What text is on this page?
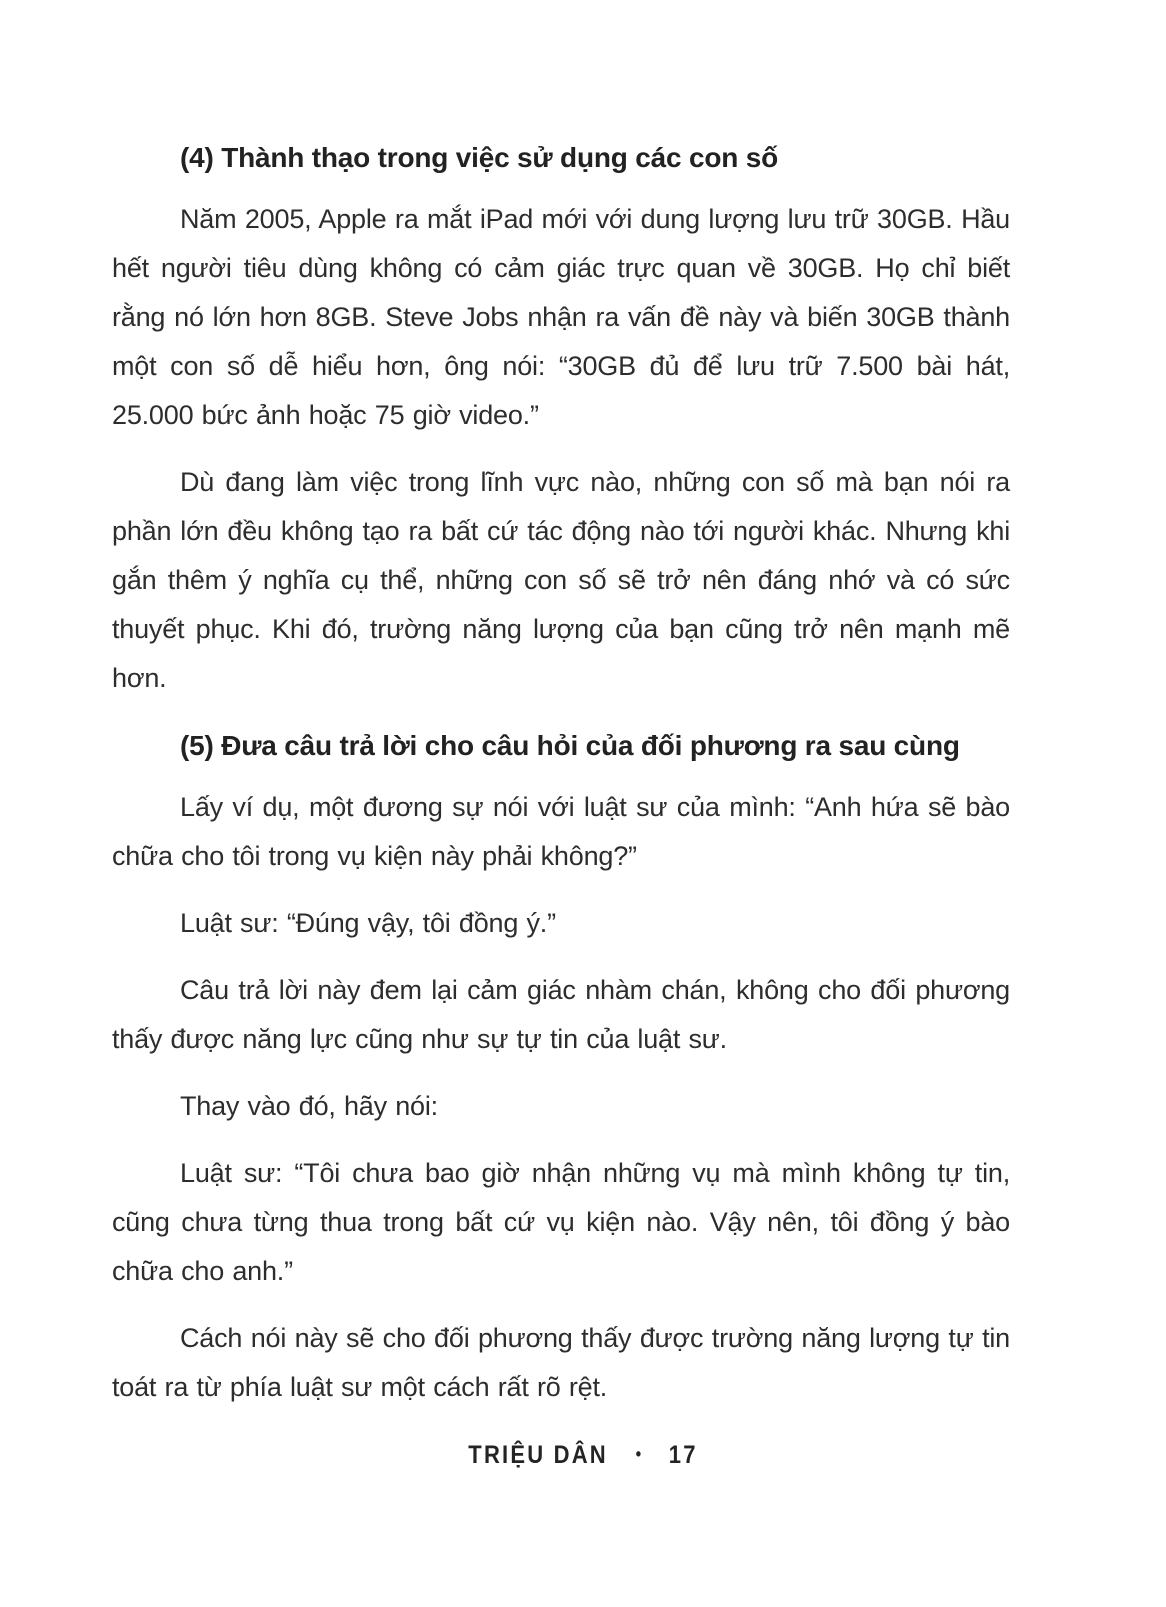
(4) Thành thạo trong việc sử dụng các con số

Năm 2005, Apple ra mắt iPad mới với dung lượng lưu trữ 30GB. Hầu hết người tiêu dùng không có cảm giác trực quan về 30GB. Họ chỉ biết rằng nó lớn hơn 8GB. Steve Jobs nhận ra vấn đề này và biến 30GB thành một con số dễ hiểu hơn, ông nói: “30GB đủ để lưu trữ 7.500 bài hát, 25.000 bức ảnh hoặc 75 giờ video.”

Dù đang làm việc trong lĩnh vực nào, những con số mà bạn nói ra phần lớn đều không tạo ra bất cứ tác động nào tới người khác. Nhưng khi gắn thêm ý nghĩa cụ thể, những con số sẽ trở nên đáng nhớ và có sức thuyết phục. Khi đó, trường năng lượng của bạn cũng trở nên mạnh mẽ hơn.

(5) Đưa câu trả lời cho câu hỏi của đối phương ra sau cùng

Lấy ví dụ, một đương sự nói với luật sư của mình: “Anh hứa sẽ bào chữa cho tôi trong vụ kiện này phải không?”

Luật sư: “Đúng vậy, tôi đồng ý.”

Câu trả lời này đem lại cảm giác nhàm chán, không cho đối phương thấy được năng lực cũng như sự tự tin của luật sư.

Thay vào đó, hãy nói:

Luật sư: “Tôi chưa bao giờ nhận những vụ mà mình không tự tin, cũng chưa từng thua trong bất cứ vụ kiện nào. Vậy nên, tôi đồng ý bào chữa cho anh.”

Cách nói này sẽ cho đối phương thấy được trường năng lượng tự tin toát ra từ phía luật sư một cách rất rõ rệt.

TRIỆU DÂN • 17
